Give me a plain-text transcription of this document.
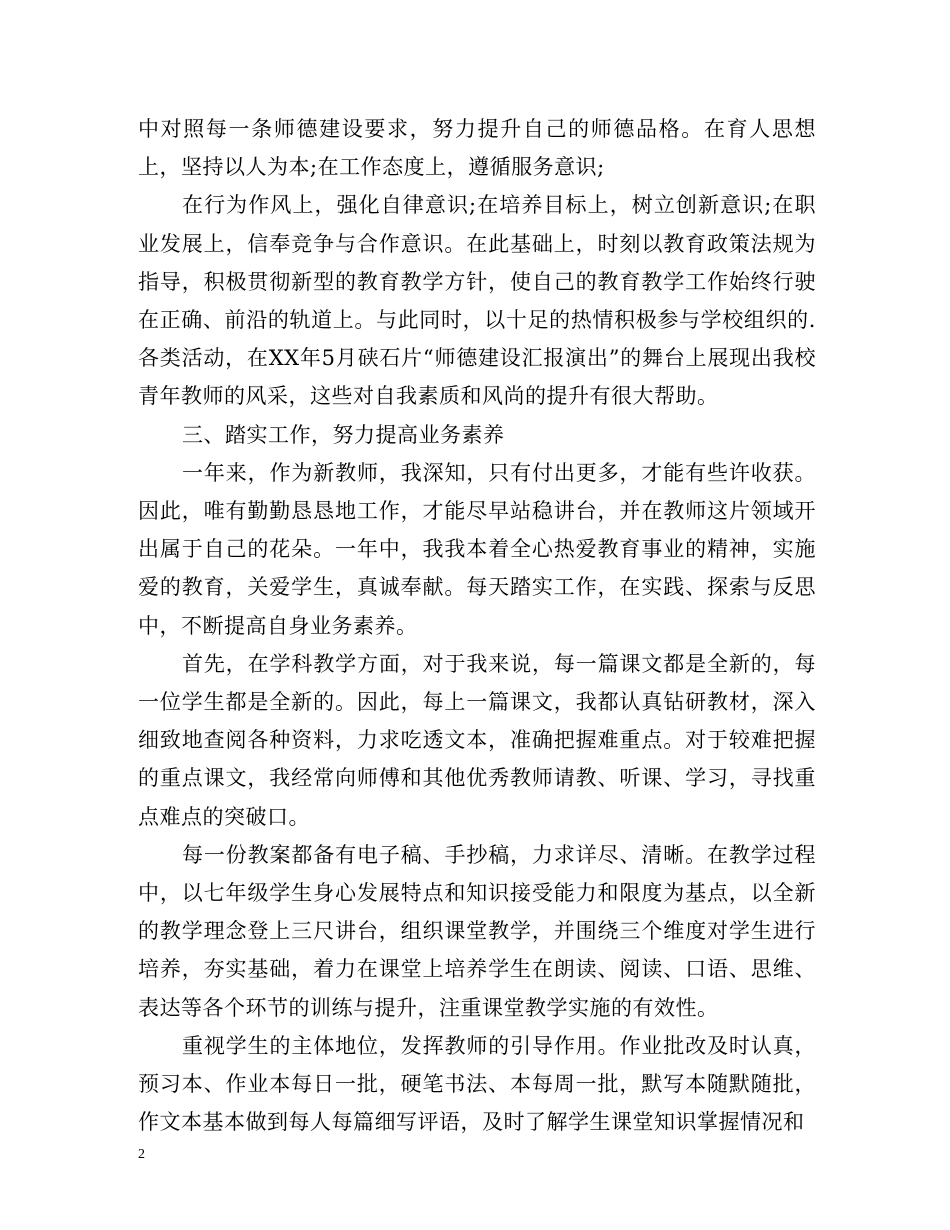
中对照每一条师德建设要求，努力提升自己的师德品格。在育人思想上，坚持以人为本;在工作态度上，遵循服务意识;

在行为作风上，强化自律意识;在培养目标上，树立创新意识;在职业发展上，信奉竞争与合作意识。在此基础上，时刻以教育政策法规为指导，积极贯彻新型的教育教学方针，使自己的教育教学工作始终行驶在正确、前沿的轨道上。与此同时，以十足的热情积极参与学校组织的.各类活动，在XX年5月硖石片“师德建设汇报演出”的舞台上展现出我校青年教师的风采，这些对自我素质和风尚的提升有很大帮助。

三、踏实工作，努力提高业务素养

一年来，作为新教师，我深知，只有付出更多，才能有些许收获。因此，唯有勤勤恳恳地工作，才能尽早站稳讲台，并在教师这片领域开出属于自己的花朵。一年中，我我本着全心热爱教育事业的精神，实施爱的教育，关爱学生，真诚奉献。每天踏实工作，在实践、探索与反思中，不断提高自身业务素养。

首先，在学科教学方面，对于我来说，每一篇课文都是全新的，每一位学生都是全新的。因此，每上一篇课文，我都认真钻研教材，深入细致地查阅各种资料，力求吃透文本，准确把握难重点。对于较难把握的重点课文，我经常向师傅和其他优秀教师请教、听课、学习，寻找重点难点的突破口。

每一份教案都备有电子稿、手抄稿，力求详尽、清晰。在教学过程中，以七年级学生身心发展特点和知识接受能力和限度为基点，以全新的教学理念登上三尺讲台，组织课堂教学，并围绕三个维度对学生进行培养，夯实基础，着力在课堂上培养学生在朗读、阅读、口语、思维、表达等各个环节的训练与提升，注重课堂教学实施的有效性。

重视学生的主体地位，发挥教师的引导作用。作业批改及时认真，预习本、作业本每日一批，硬笔书法、本每周一批，默写本随默随批，作文本基本做到每人每篇细写评语，及时了解学生课堂知识掌握情况和

2
